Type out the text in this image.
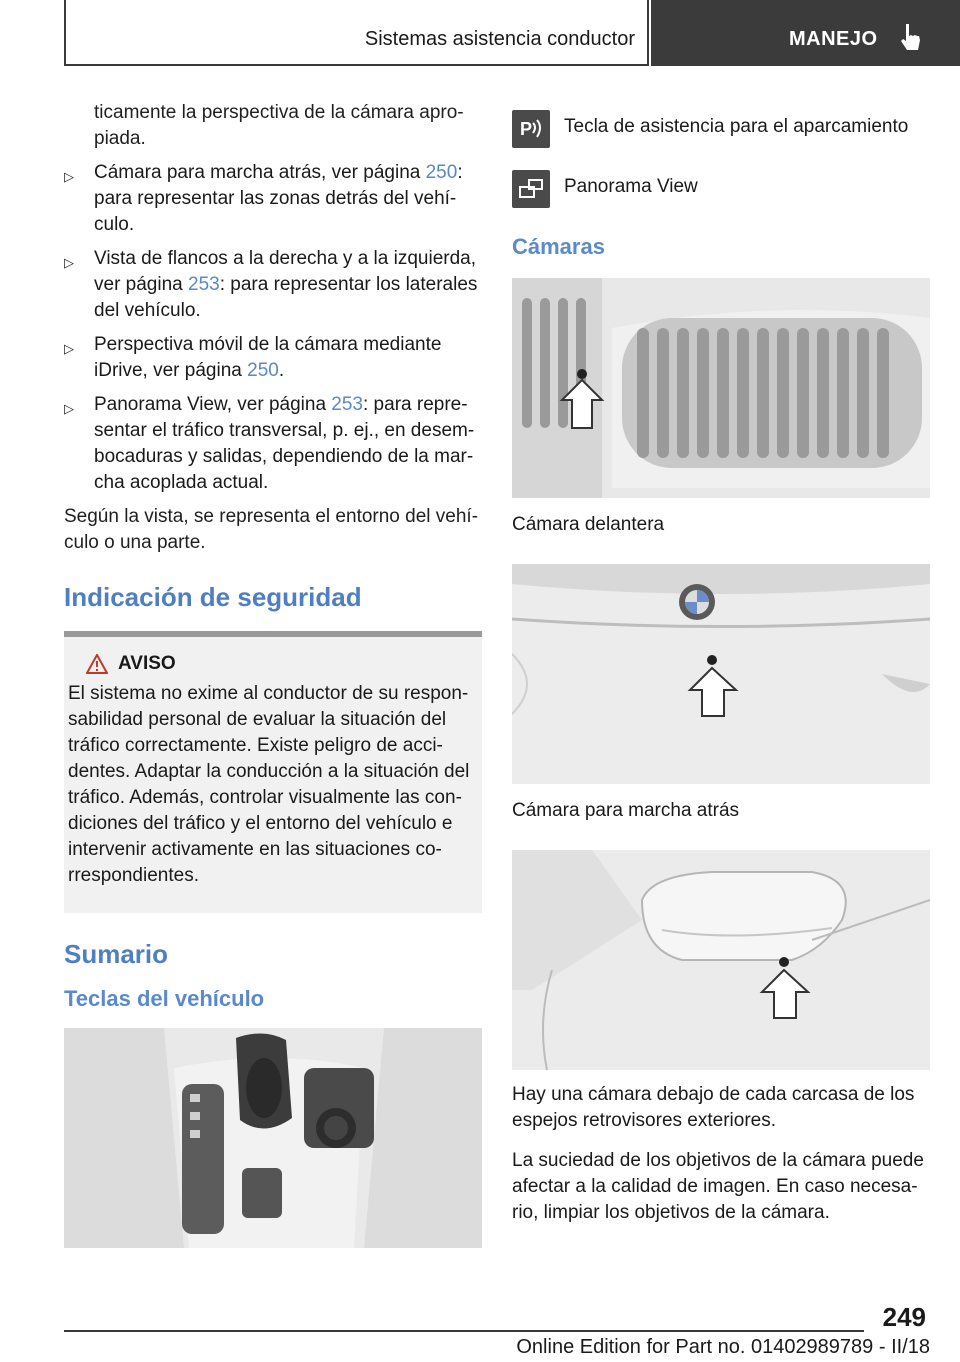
Sistemas asistencia conductor	MANEJO

ticamente la perspectiva de la cámara apro-piada.

▷ Cámara para marcha atrás, ver página 250: para representar las zonas detrás del vehí-culo.
▷ Vista de flancos a la derecha y a la izquierda, ver página 253: para representar los laterales del vehículo.
▷ Perspectiva móvil de la cámara mediante iDrive, ver página 250.
▷ Panorama View, ver página 253: para repre-sentar el tráfico transversal, p. ej., en desem-bocaduras y salidas, dependiendo de la mar-cha acoplada actual.

Según la vista, se representa el entorno del vehí-culo o una parte.

Indicación de seguridad
AVISO

El sistema no exime al conductor de su respon-sabilidad personal de evaluar la situación del tráfico correctamente. Existe peligro de acci-dentes. Adaptar la conducción a la situación del tráfico. Además, controlar visualmente las con-diciones del tráfico y el entorno del vehículo e intervenir activamente en las situaciones co-rrespondientes.

Sumario
Teclas del vehículo
P Tecla de asistencia para el aparcamiento
Panorama View
Cámaras

Cámara delantera

Cámara para marcha atrás

Hay una cámara debajo de cada carcasa de los espejos retrovisores exteriores.

La suciedad de los objetivos de la cámara puede afectar a la calidad de imagen. En caso necesa-rio, limpiar los objetivos de la cámara.

249
Online Edition for Part no. 01402989789 - II/18
